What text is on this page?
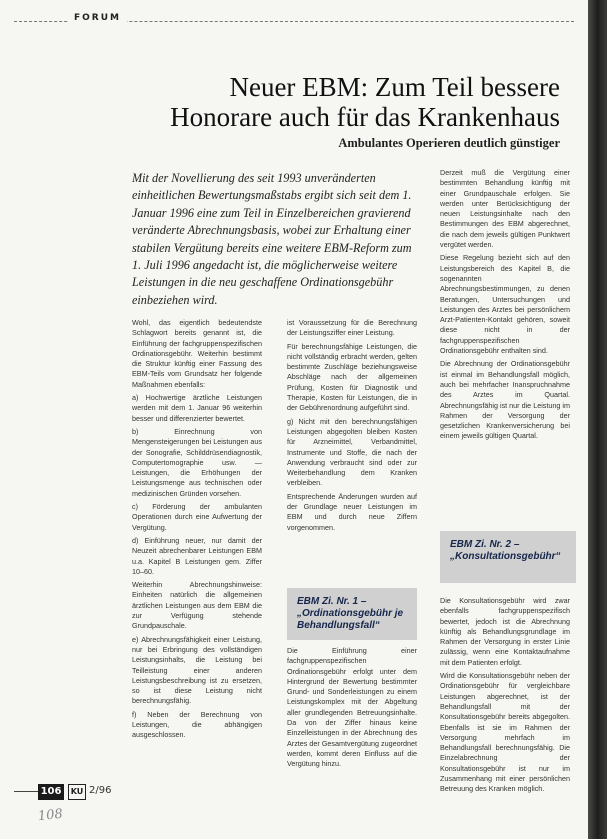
FORUM
Neuer EBM: Zum Teil bessere
Honorare auch für das Krankenhaus
Ambulantes Operieren deutlich günstiger
Mit der Novellierung des seit 1993 unveränderten einheitlichen Bewertungsmaßstabs ergibt sich seit dem 1. Januar 1996 eine zum Teil in Einzelbereichen gravierend veränderte Abrechnungsbasis, wobei zur Erhaltung einer stabilen Vergütung bereits eine weitere EBM-Reform zum 1. Juli 1996 angedacht ist, die möglicherweise weitere Leistungen in die neu geschaffene Ordinationsgebühr einbeziehen wird.

Wohl, das eigentlich bedeutendste Schlagwort bereits genannt ist, die Einführung der fachgruppenspezifischen Ordinationsgebühr. Weiterhin bestimmt die Struktur künftig einer Fassung des EBM-Teils vom Grundsatz her folgende Maßnahmen ebenfalls:

a) Hochwertige ärztliche Leistungen werden mit dem 1. Januar 96 weiterhin besser und differenzierter bewertet.

b) Einrechnung von Mengensteigerungen bei Leistungen aus der Sonografie, Schilddrüsendiagnostik, Computertomographie usw. — Leistungen, die Erhöhungen der Leistungsmenge aus technischen oder medizinischen Gründen vorsehen.

c) Förderung der ambulanten Operationen durch eine Aufwertung der Vergütung.

d) Einführung neuer, nur damit der Neuzeit abrechenbarer Leistungen EBM u.a. Kapitel B Leistungen gem. Ziffer 10–60.

Weiterhin Abrechnungshinweise: Einheiten natürlich die allgemeinen ärztlichen Leistungen aus dem EBM die zur Verfügung stehende Grundpauschale.

e) Abrechnungsfähigkeit einer Leistung, nur bei Erbringung des vollständigen Leistungsinhalts, die Leistung bei Teilleistung einer anderen Leistungsbeschreibung ist zu ersetzen, so ist diese Leistung nicht berechnungsfähig.

f) Neben der Berechnung von Leistungen, die abhängigen ausgeschlossen.

ist Voraussetzung für die Berechnung der Leistungsziffer einer Leistung.

Für berechnungsfähige Leistungen, die nicht vollständig erbracht werden, gelten bestimmte Zuschläge beziehungsweise Abschläge nach der allgemeinen Prüfung, Kosten für Diagnostik und Therapie, Kosten für Leistungen, die in der Gebührenordnung aufgeführt sind.

g) Nicht mit den berechnungsfähigen Leistungen abgegolten bleiben Kosten für Arzneimittel, Verbandmittel, Instrumente und Stoffe, die nach der Anwendung verbraucht sind oder zur Weiterbehandlung dem Kranken verbleiben.

Entsprechende Änderungen wurden auf der Grundlage neuer Leistungen im EBM und durch neue Ziffern vorgenommen.

EBM Zi. Nr. 1 –
„Ordinationsgebühr je Behandlungsfall“

Die Einführung einer fachgruppenspezifischen Ordinationsgebühr erfolgt unter dem Hintergrund der Bewertung bestimmter Grund- und Sonderleistungen zu einem Leistungskomplex mit der Abgeltung aller grundlegenden Betreuungsinhalte. Da von der Ziffer hinaus keine Einzelleistungen in der Abrechnung des Arztes der Gesamtvergütung zugeordnet werden, kommt deren Einfluss auf die Vergütung hinzu.

Derzeit muß die Vergütung einer bestimmten Behandlung künftig mit einer Grundpauschale erfolgen. Sie werden unter Berücksichtigung der neuen Leistungsinhalte nach den Bestimmungen des EBM abgerechnet, die nach dem jeweils gültigen Punktwert vergütet werden.

Diese Regelung bezieht sich auf den Leistungsbereich des Kapitel B, die sogenannten Abrechnungsbestimmungen, zu denen Beratungen, Untersuchungen und Leistungen des Arztes bei persönlichem Arzt-Patienten-Kontakt gehören, soweit diese nicht in der fachgruppenspezifischen Ordinationsgebühr enthalten sind.

Die Abrechnung der Ordinationsgebühr ist einmal im Behandlungsfall möglich, auch bei mehrfacher Inanspruchnahme des Arztes im Quartal. Abrechnungsfähig ist nur die Leistung im Rahmen der Versorgung der gesetzlichen Krankenversicherung bei einem jeweils gültigen Quartal.

EBM Zi. Nr. 2 –
„Konsultationsgebühr“

Die Konsultationsgebühr wird zwar ebenfalls fachgruppenspezifisch bewertet, jedoch ist die Abrechnung künftig als Behandlungsgrundlage im Rahmen der Versorgung in erster Linie zulässig, wenn eine Kontaktaufnahme mit dem Patienten erfolgt.

Wird die Konsultationsgebühr neben der Ordinationsgebühr für vergleichbare Leistungen abgerechnet, ist der Behandlungsfall mit der Konsultationsgebühr bereits abgegolten. Ebenfalls ist sie im Rahmen der Versorgung mehrfach im Behandlungsfall berechnungsfähig. Die Einzelabrechnung der Konsultationsgebühr ist nur im Zusammenhang mit einer persönlichen Betreuung des Kranken möglich.

106	KU 2/96
108
